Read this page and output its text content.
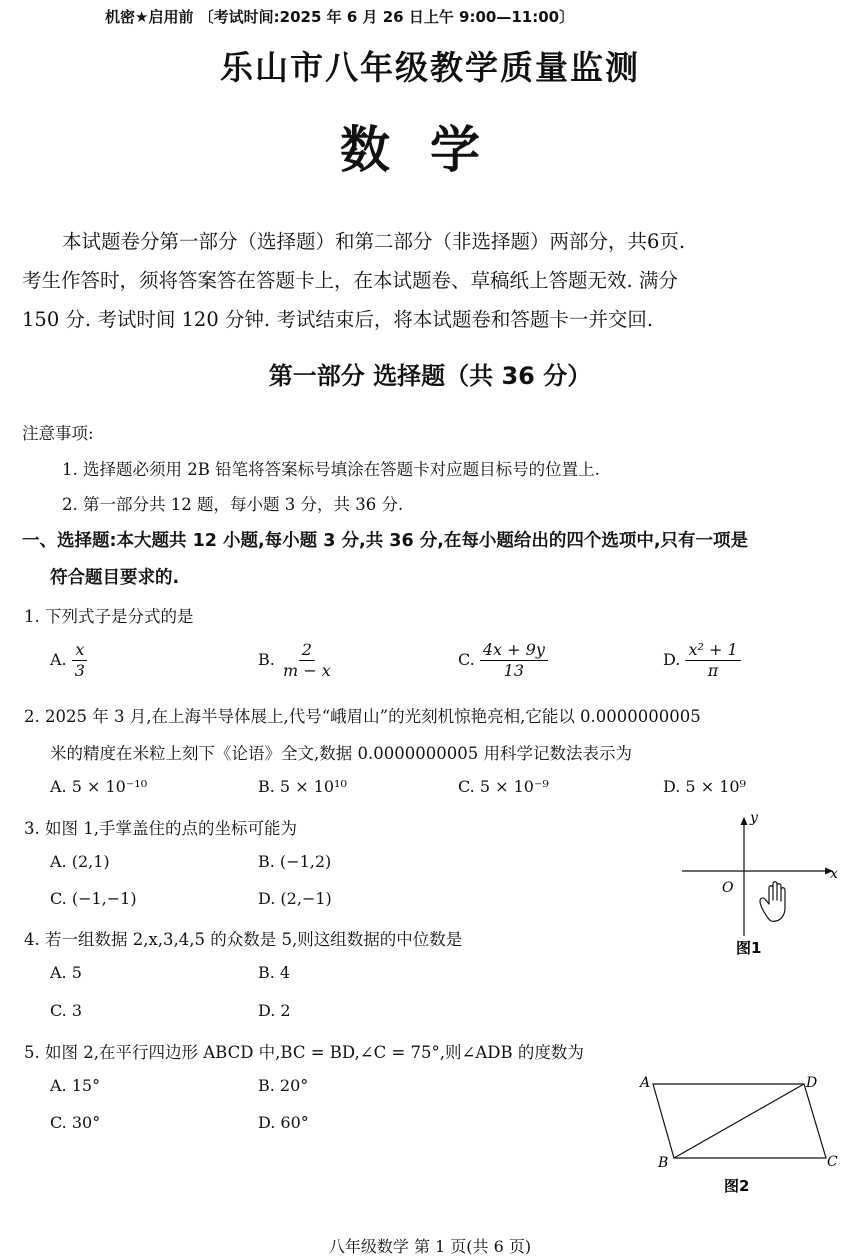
机密★启用前 〔考试时间:2025 年 6 月 26 日上午 9:00—11:00〕
乐山市八年级教学质量监测
数学
本试题卷分第一部分（选择题）和第二部分（非选择题）两部分，共6页.
考生作答时，须将答案答在答题卡上，在本试题卷、草稿纸上答题无效. 满分
150 分. 考试时间 120 分钟. 考试结束后，将本试题卷和答题卡一并交回.
第一部分 选择题（共 36 分）
注意事项:
1. 选择题必须用 2B 铅笔将答案标号填涂在答题卡对应题目标号的位置上.
2. 第一部分共 12 题，每小题 3 分，共 36 分.
一、选择题:本大题共 12 小题,每小题 3 分,共 36 分,在每小题给出的四个选项中,只有一项是
符合题目要求的.
1. 下列式子是分式的是
A. $\frac{x}{3}$	B. $\frac{2}{m - x}$	C. $\frac{4x + 9y}{13}$	D. $\frac{\text{x² + 1}}{\pi}$
2. 2025 年 3 月,在上海半导体展上,代号“峨眉山”的光刻机惊艳亮相,它能以 0.0000000005
米的精度在米粒上刻下《论语》全文,数据 0.0000000005 用科学记数法表示为
A. 5 × 10⁻¹⁰	B. 5 × 10¹⁰	C. 5 × 10⁻⁹	D. 5 × 10⁹
3. 如图 1,手掌盖住的点的坐标可能为
A. (2,1)	B. (−1,2)
C. (−1,−1)	D. (2,−1)
y
x
O
图1
4. 若一组数据 2,x,3,4,5 的众数是 5,则这组数据的中位数是
A. 5	B. 4
C. 3	D. 2
5. 如图 2,在平行四边形 ABCD 中,BC = BD,∠C = 75°,则∠ADB 的度数为
A. 15°	B. 20°
C. 30°	D. 60°
A	D
B	C
图2
八年级数学 第 1 页(共 6 页)
